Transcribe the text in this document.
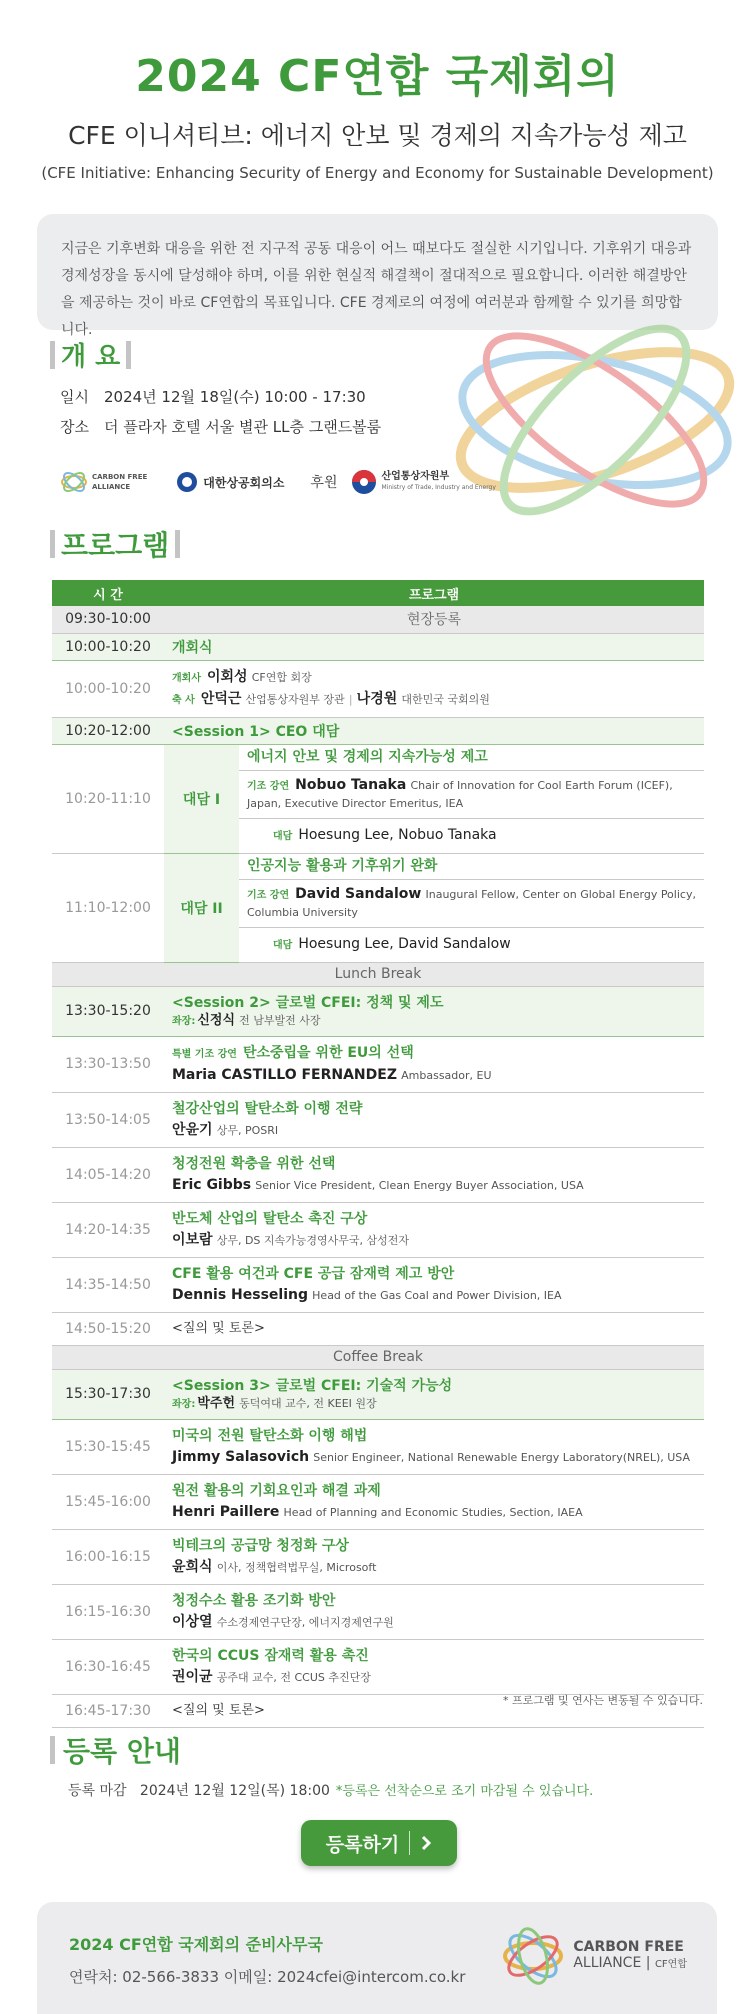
2024 CF연합 국제회의
CFE 이니셔티브: 에너지 안보 및 경제의 지속가능성 제고
(CFE Initiative: Enhancing Security of Energy and Economy for Sustainable Development)
지금은 기후변화 대응을 위한 전 지구적 공동 대응이 어느 때보다도 절실한 시기입니다. 기후위기 대응과 경제성장을 동시에 달성해야 하며, 이를 위한 현실적 해결책이 절대적으로 필요합니다. 이러한 해결방안을 제공하는 것이 바로 CF연합의 목표입니다. CFE 경제로의 여정에 여러분과 함께할 수 있기를 희망합니다.
개 요
일시 2024년 12월 18일(수) 10:00 - 17:30
장소 더 플라자 호텔 서울 별관 LL층 그랜드볼룸
CARBON FREE
ALLIANCE	대한상공회의소 후원	산업통상자원부
Ministry of Trade, Industry and Energy
프로그램
시 간	프로그램	
09:30-10:00	현장등록	
10:00-10:20	개회식	
10:00-10:20	개회사 이회성 CF연합 회장
축 사 안덕근 산업통상자원부 장관 | 나경원 대한민국 국회의원	

10:20-12:00	<Session 1> CEO 대담	
10:20-11:10	대담 I	에너지 안보 및 경제의 지속가능성 제고
		기조 강연 Nobuo Tanaka Chair of Innovation for Cool Earth Forum (ICEF), Japan, Executive Director Emeritus, IEA
		대담 Hoesung Lee, Nobuo Tanaka
11:10-12:00	대담 II	인공지능 활용과 기후위기 완화
		기조 강연 David Sandalow Inaugural Fellow, Center on Global Energy Policy, Columbia University
		대담 Hoesung Lee, David Sandalow
Lunch Break		
13:30-15:20	<Session 2> 글로벌 CFEI: 정책 및 제도
좌장: 신정식 전 남부발전 사장	

13:30-13:50	특별 기조 강연 탄소중립을 위한 EU의 선택
Maria CASTILLO FERNANDEZ Ambassador, EU	

13:50-14:05	철강산업의 탈탄소화 이행 전략
안윤기 상무, POSRI	

14:05-14:20	청정전원 확충을 위한 선택
Eric Gibbs Senior Vice President, Clean Energy Buyer Association, USA	

14:20-14:35	반도체 산업의 탈탄소 촉진 구상
이보람 상무, DS 지속가능경영사무국, 삼성전자	

14:35-14:50	CFE 활용 여건과 CFE 공급 잠재력 제고 방안
Dennis Hesseling Head of the Gas Coal and Power Division, IEA	

14:50-15:20	<질의 및 토론>	
Coffee Break		
15:30-17:30	<Session 3> 글로벌 CFEI: 기술적 가능성
좌장: 박주헌 동덕여대 교수, 전 KEEI 원장	

15:30-15:45	미국의 전원 탈탄소화 이행 해법
Jimmy Salasovich Senior Engineer, National Renewable Energy Laboratory(NREL), USA	

15:45-16:00	원전 활용의 기회요인과 해결 과제
Henri Paillere Head of Planning and Economic Studies, Section, IAEA	

16:00-16:15	빅테크의 공급망 청정화 구상
윤희식 이사, 정책협력법무실, Microsoft	

16:15-16:30	청정수소 활용 조기화 방안
이상열 수소경제연구단장, 에너지경제연구원	

16:30-16:45	한국의 CCUS 잠재력 활용 촉진
권이균 공주대 교수, 전 CCUS 추진단장	

16:45-17:30	<질의 및 토론>	
* 프로그램 및 연사는 변동될 수 있습니다.
등록 안내
등록 마감 2024년 12월 12일(목) 18:00 *등록은 선착순으로 조기 마감될 수 있습니다.
등록하기
2024 CF연합 국제회의 준비사무국
연락처: 02-566-3833 이메일: 2024cfei@intercom.co.kr
CARBON FREE
ALLIANCE | CF연합
